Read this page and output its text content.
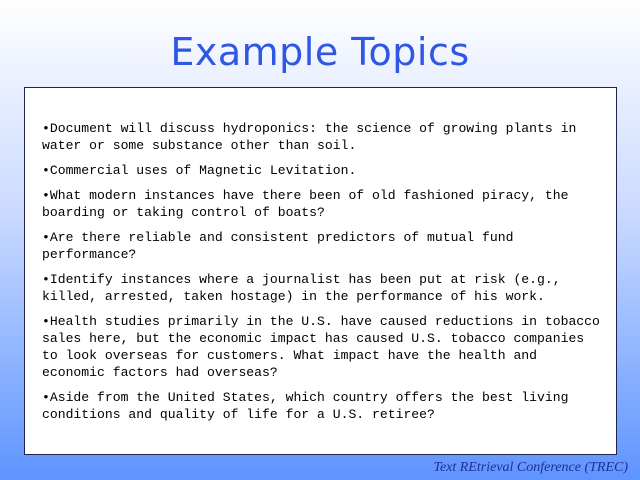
Example Topics
•Document will discuss hydroponics: the science of growing plants in water or some substance other than soil.
•Commercial uses of Magnetic Levitation.
•What modern instances have there been of old fashioned piracy, the boarding or taking control of boats?
•Are there reliable and consistent predictors of mutual fund performance?
•Identify instances where a journalist has been put at risk (e.g., killed, arrested, taken hostage) in the performance of his work.
•Health studies primarily in the U.S. have caused reductions in tobacco sales here, but the economic impact has caused U.S. tobacco companies to look overseas for customers. What impact have the health and economic factors had overseas?
•Aside from the United States, which country offers the best living conditions and quality of life for a U.S. retiree?
Text REtrieval Conference (TREC)
